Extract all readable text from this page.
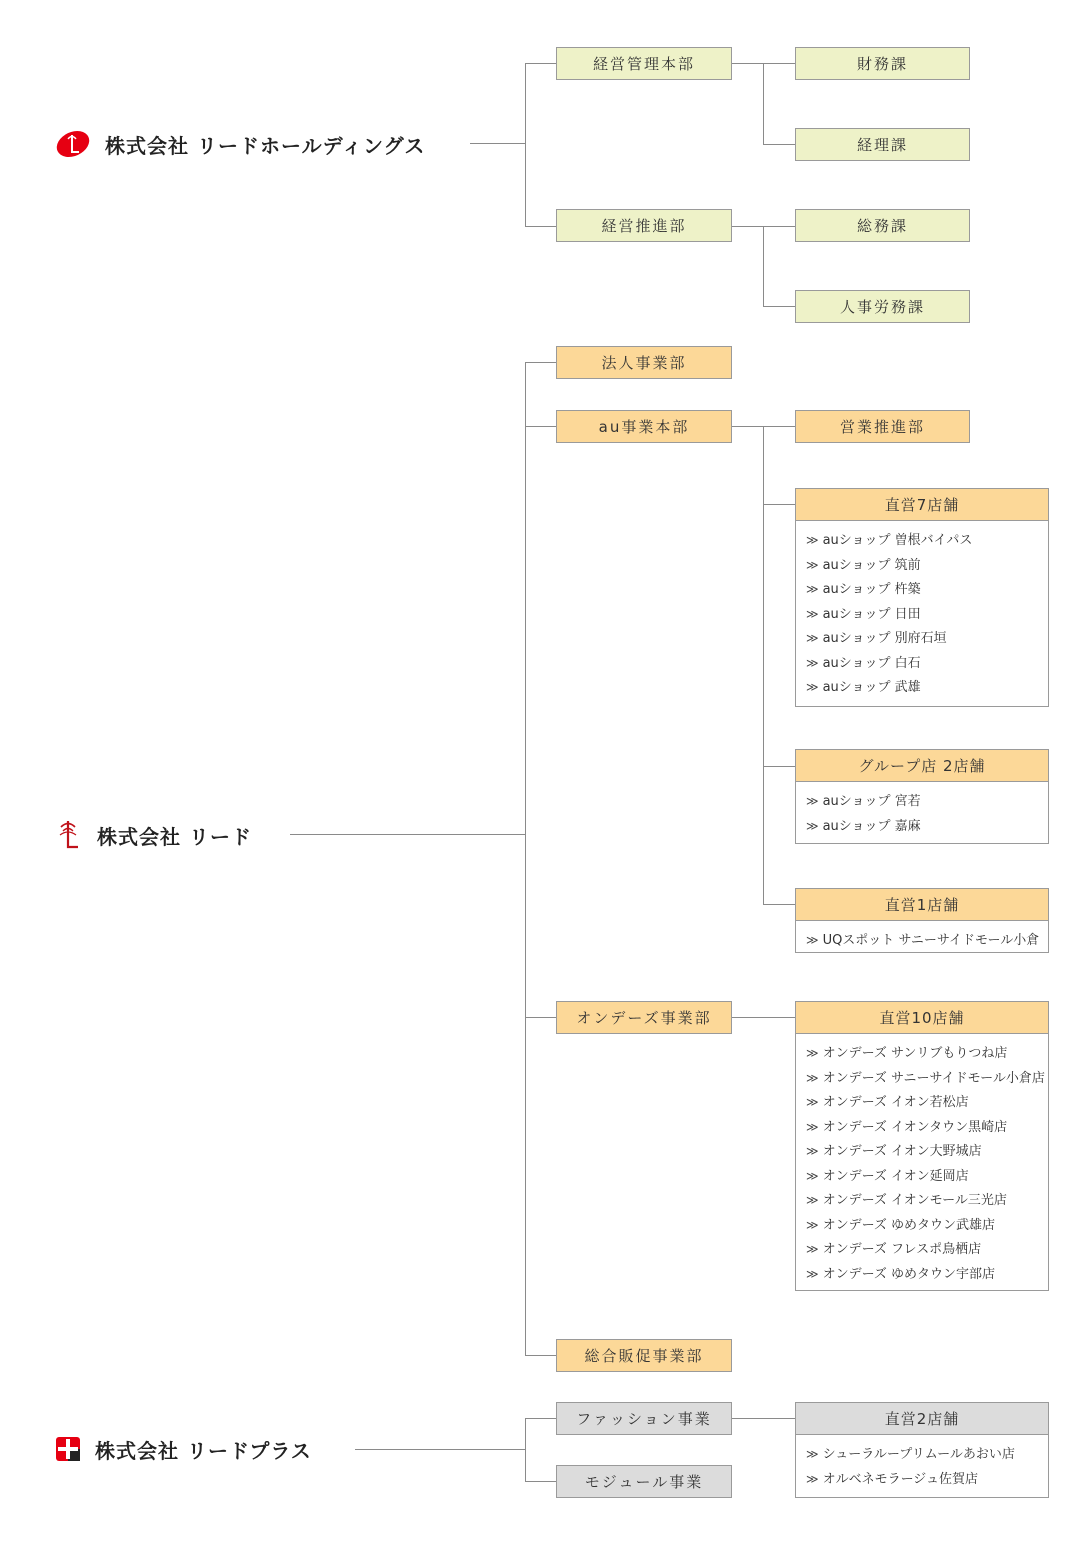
株式会社 リードホールディングス
株式会社 リード
株式会社 リードプラス
経営管理本部	財務課
経理課
経営推進部	総務課
人事労務課
法人事業部
au事業本部	営業推進部
オンデーズ事業部
総合販促事業部
直営7店舗
≫ auショップ 曽根バイパス
≫ auショップ 筑前
≫ auショップ 杵築
≫ auショップ 日田
≫ auショップ 別府石垣
≫ auショップ 白石
≫ auショップ 武雄
グループ店 2店舗
≫ auショップ 宮若
≫ auショップ 嘉麻
直営1店舗
≫ UQスポット サニーサイドモール小倉
直営10店舗
≫ オンデーズ サンリブもりつね店
≫ オンデーズ サニーサイドモール小倉店
≫ オンデーズ イオン若松店
≫ オンデーズ イオンタウン黒崎店
≫ オンデーズ イオン大野城店
≫ オンデーズ イオン延岡店
≫ オンデーズ イオンモール三光店
≫ オンデーズ ゆめタウン武雄店
≫ オンデーズ フレスポ鳥栖店
≫ オンデーズ ゆめタウン宇部店
ファッション事業
モジュール事業
直営2店舗
≫ シューラループリムールあおい店
≫ オルベネモラージュ佐賀店
